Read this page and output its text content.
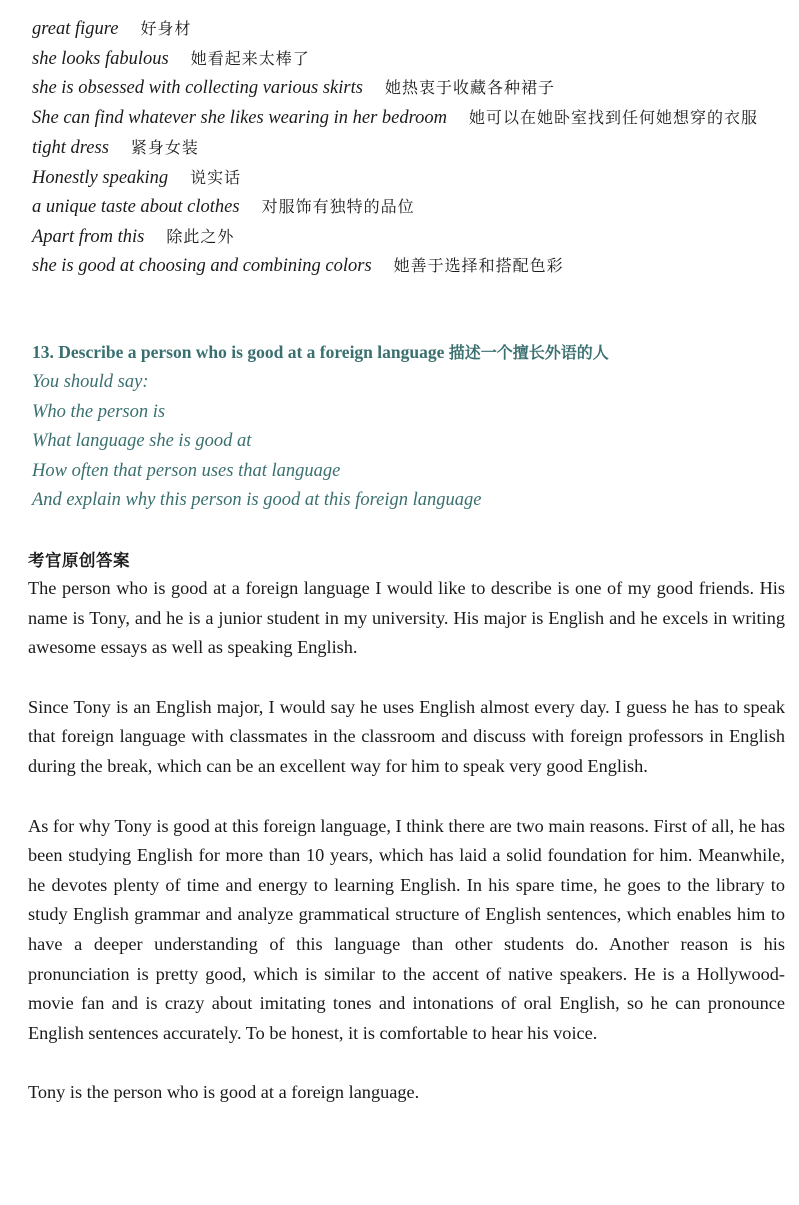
great figure 好身材
she looks fabulous 她看起来太棒了
she is obsessed with collecting various skirts 她热衷于收藏各种裙子
She can find whatever she likes wearing in her bedroom 她可以在她卧室找到任何她想穿的衣服
tight dress 紧身女装
Honestly speaking 说实话
a unique taste about clothes 对服饰有独特的品位
Apart from this 除此之外
she is good at choosing and combining colors 她善于选择和搭配色彩
13. Describe a person who is good at a foreign language 描述一个擅长外语的人
You should say:
Who the person is
What language she is good at
How often that person uses that language
And explain why this person is good at this foreign language
考官原创答案

The person who is good at a foreign language I would like to describe is one of my good friends. His name is Tony, and he is a junior student in my university. His major is English and he excels in writing awesome essays as well as speaking English.

Since Tony is an English major, I would say he uses English almost every day. I guess he has to speak that foreign language with classmates in the classroom and discuss with foreign professors in English during the break, which can be an excellent way for him to speak very good English.

As for why Tony is good at this foreign language, I think there are two main reasons. First of all, he has been studying English for more than 10 years, which has laid a solid foundation for him. Meanwhile, he devotes plenty of time and energy to learning English. In his spare time, he goes to the library to study English grammar and analyze grammatical structure of English sentences, which enables him to have a deeper understanding of this language than other students do. Another reason is his pronunciation is pretty good, which is similar to the accent of native speakers. He is a Hollywood-movie fan and is crazy about imitating tones and intonations of oral English, so he can pronounce English sentences accurately. To be honest, it is comfortable to hear his voice.

Tony is the person who is good at a foreign language.
